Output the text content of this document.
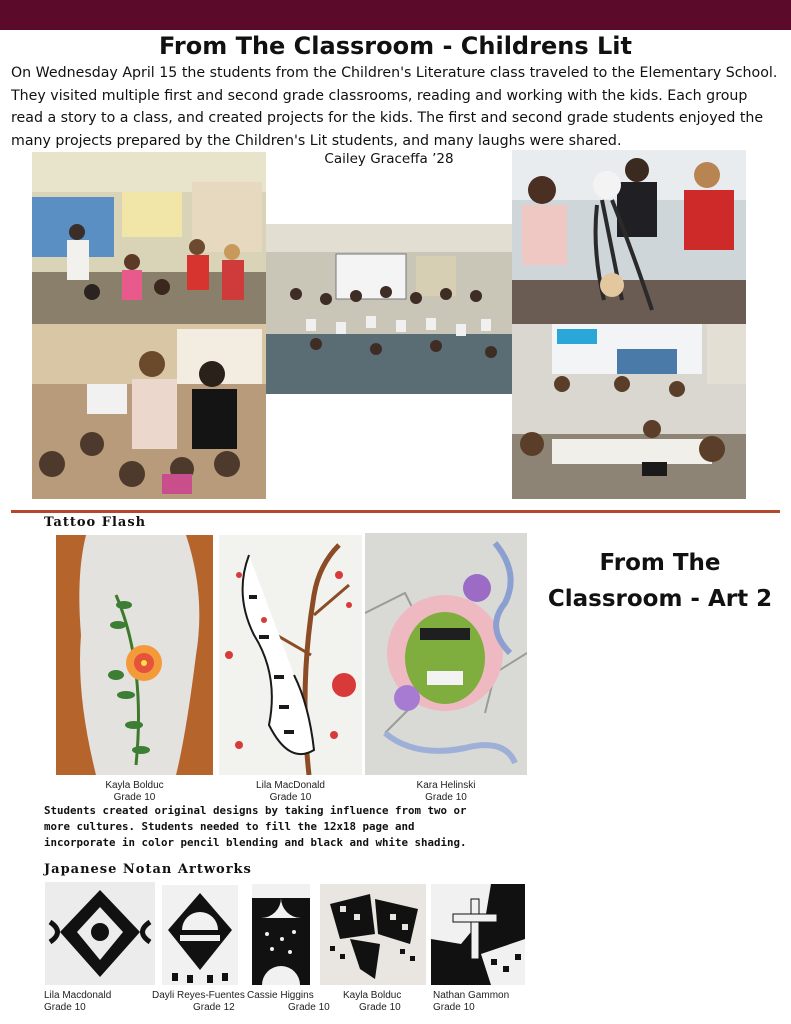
From The Classroom - Childrens Lit
On Wednesday April 15 the students from the Children's Literature class traveled to the Elementary School. They visited multiple first and second grade classrooms, reading and working with the kids. Each group read a story to a class, and created projects for the kids. The first and second grade students enjoyed the many projects prepared by the Children's Lit students, and many laughs were shared.
Cailey Graceffa ’28
Tattoo Flash
From The Classroom - Art 2
Kayla Bolduc
Grade 10
Lila MacDonald
Grade 10
Kara Helinski
Grade 10
Students created original designs by taking influence from two or
more cultures. Students needed to fill the 12x18 page and
incorporate in color pencil blending and black and white shading.
Japanese Notan Artworks
Lila Macdonald
Grade 10
Dayli Reyes-Fuentes
Grade 12
Cassie Higgins
Grade 10
Kayla Bolduc
Grade 10
Nathan Gammon
Grade 10
